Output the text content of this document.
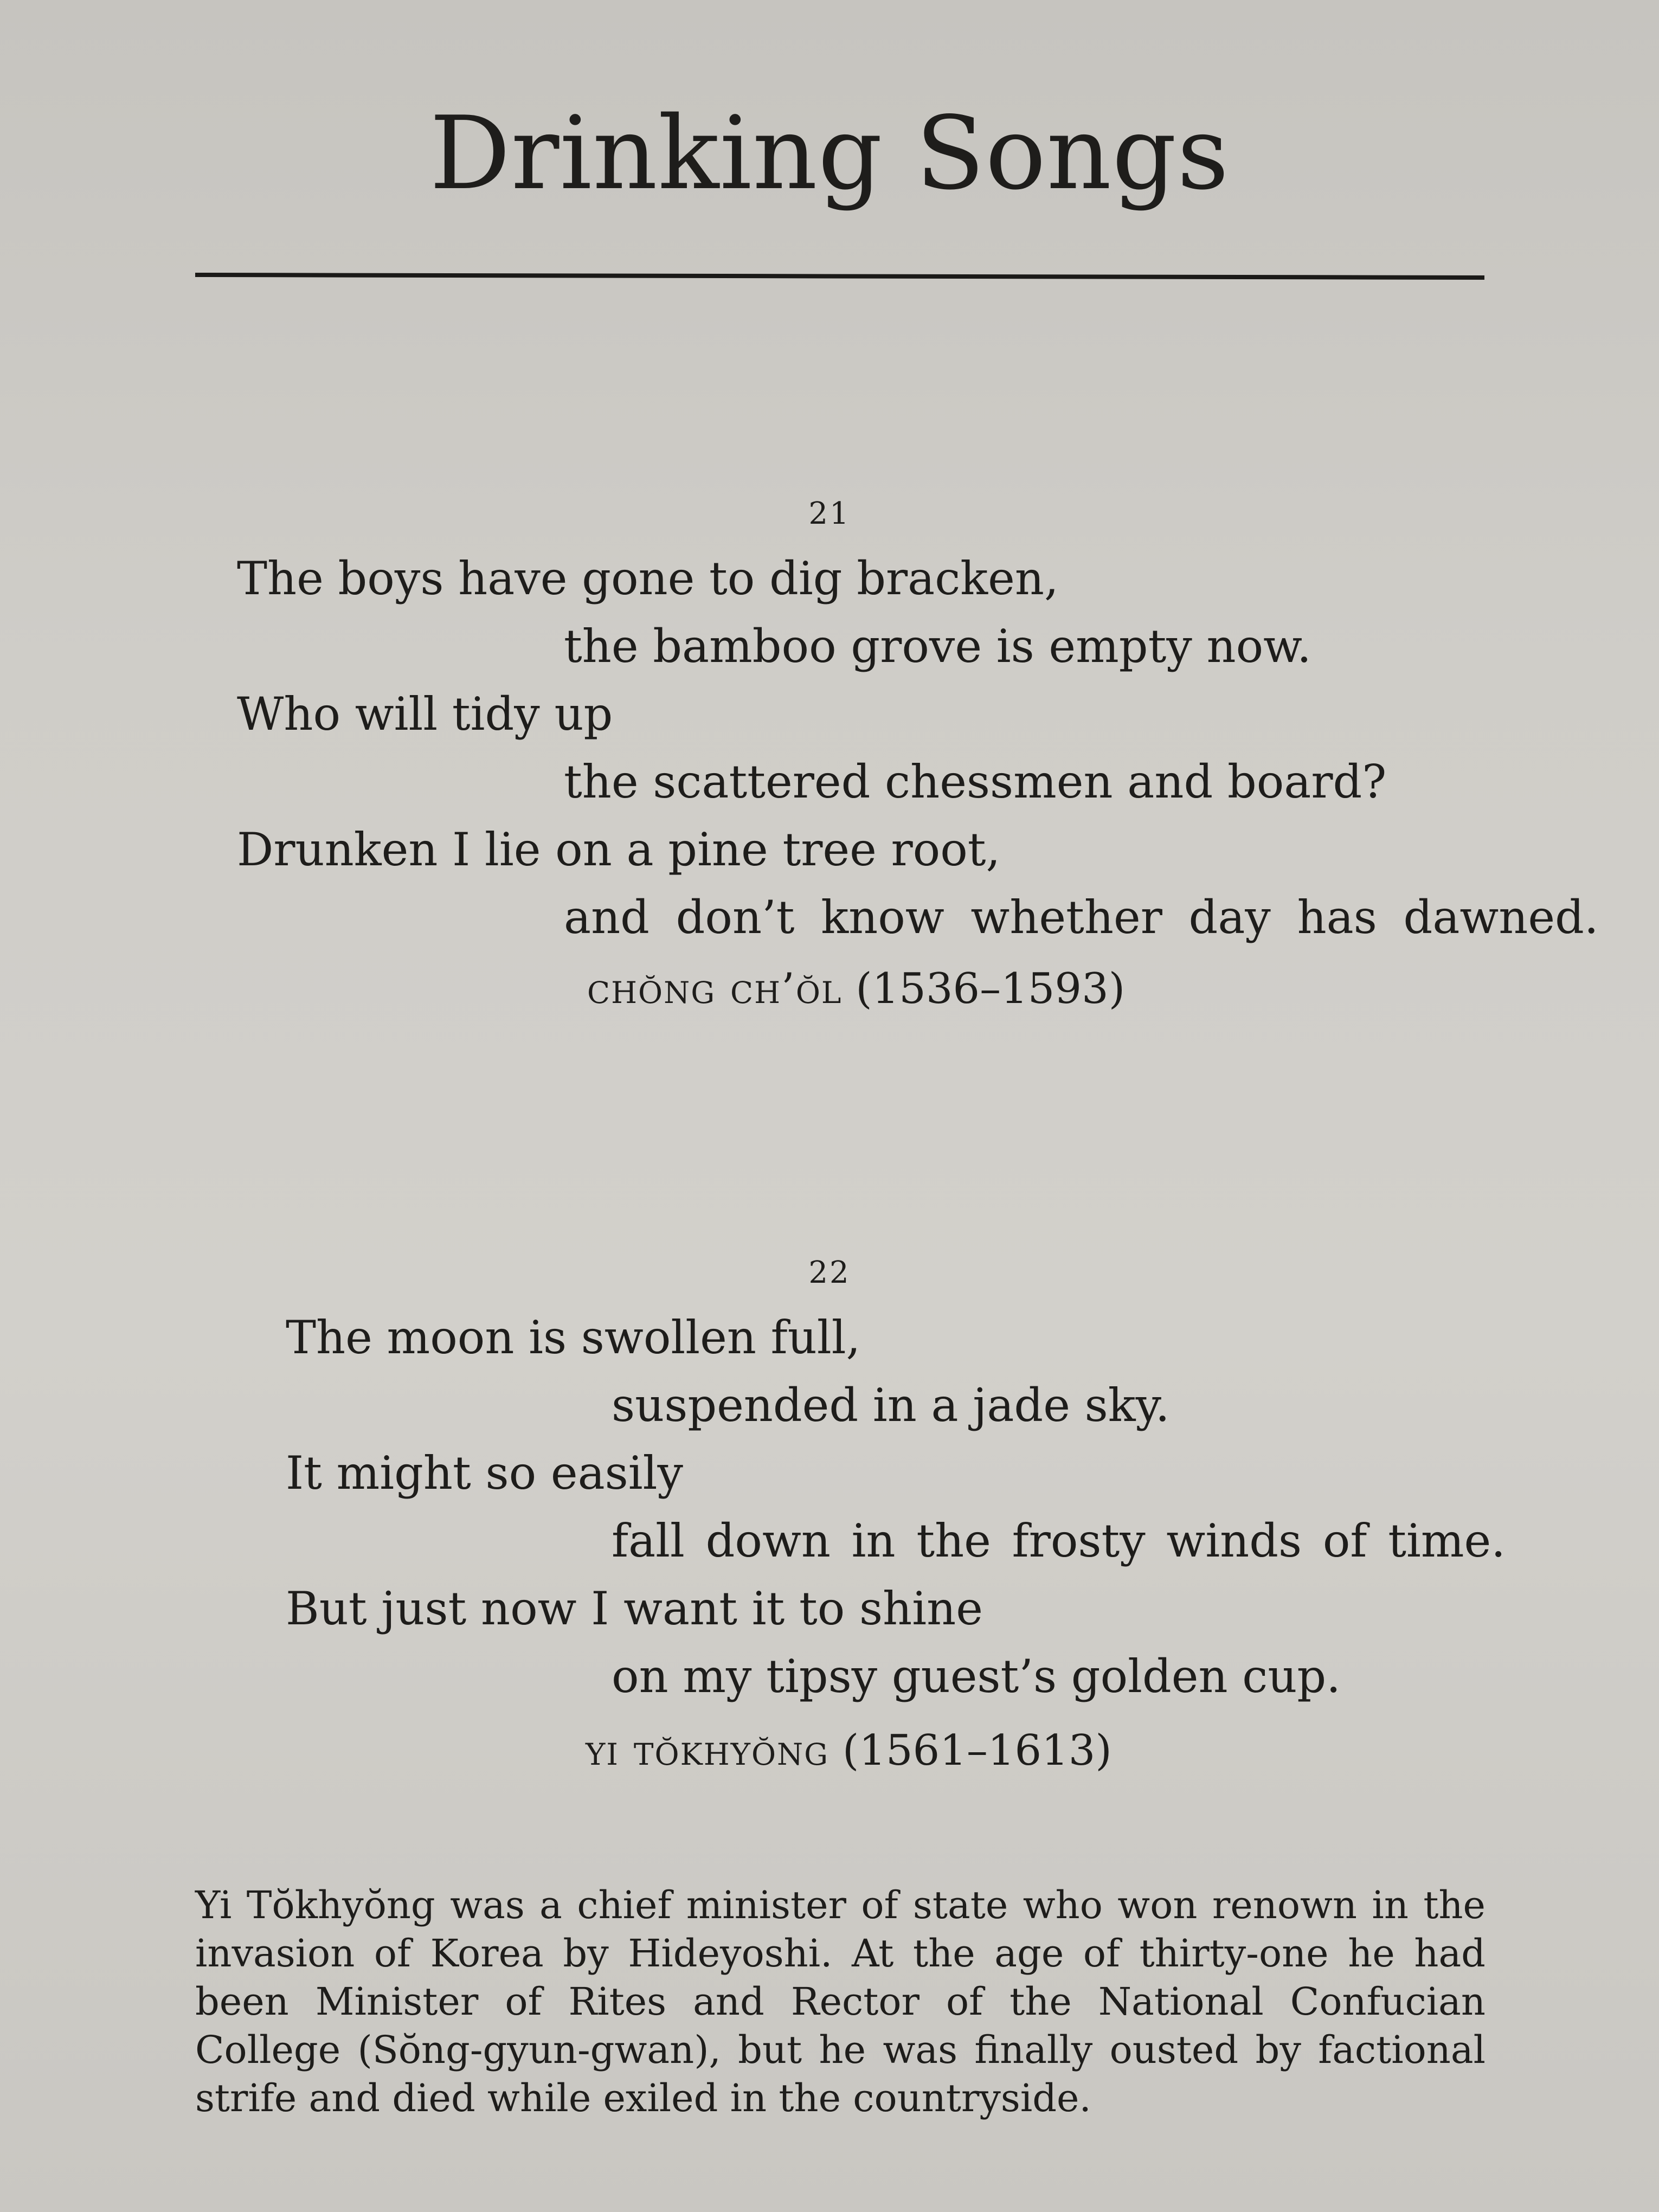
Drinking Songs
21
The boys have gone to dig bracken,
the bamboo grove is empty now.
Who will tidy up
the scattered chessmen and board?
Drunken I lie on a pine tree root,
and don’t know whether day has dawned.
chŏng ch’ŏl (1536–1593)
22
The moon is swollen full,
suspended in a jade sky.
It might so easily
fall down in the frosty winds of time.
But just now I want it to shine
on my tipsy guest’s golden cup.
yi tŏkhyŏng (1561–1613)

Yi Tŏkhyŏng was a chief minister of state who won renown in the invasion of Korea by Hideyoshi. At the age of thirty-one he had been Minister of Rites and Rector of the National Confucian College (Sŏng-gyun-gwan), but he was finally ousted by factional strife and died while exiled in the countryside.
